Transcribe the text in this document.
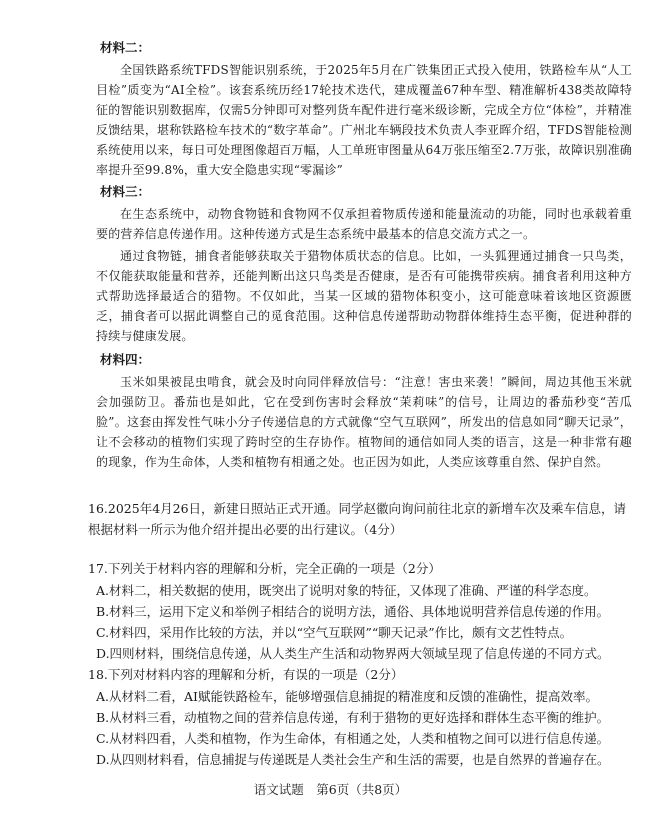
材料二：

全国铁路系统TFDS智能识别系统，于2025年5月在广铁集团正式投入使用，铁路检车从“人工目检”质变为“AI全检”。该套系统历经17轮技术迭代，建成覆盖67种车型、精准解析438类故障特征的智能识别数据库，仅需5分钟即可对整列货车配件进行毫米级诊断，完成全方位“体检”，并精准反馈结果，堪称铁路检车技术的“数字革命”。广州北车辆段技术负责人李亚晖介绍，TFDS智能检测系统使用以来，每日可处理图像超百万幅，人工单班审图量从64万张压缩至2.7万张，故障识别准确率提升至99.8%，重大安全隐患实现“零漏诊”

材料三：

在生态系统中，动物食物链和食物网不仅承担着物质传递和能量流动的功能，同时也承载着重要的营养信息传递作用。这种传递方式是生态系统中最基本的信息交流方式之一。

通过食物链，捕食者能够获取关于猎物体质状态的信息。比如，一头狐狸通过捕食一只鸟类，不仅能获取能量和营养，还能判断出这只鸟类是否健康，是否有可能携带疾病。捕食者利用这种方式帮助选择最适合的猎物。不仅如此，当某一区域的猎物体积变小，这可能意味着该地区资源匮乏，捕食者可以据此调整自己的觅食范围。这种信息传递帮助动物群体维持生态平衡，促进种群的持续与健康发展。

材料四：

玉米如果被昆虫啃食，就会及时向同伴释放信号：“注意！害虫来袭！”瞬间，周边其他玉米就会加强防卫。番茄也是如此，它在受到伤害时会释放“茉莉味”的信号，让周边的番茄秒变“苦瓜脸”。这套由挥发性气味小分子传递信息的方式就像“空气互联网”，所发出的信息如同“聊天记录”，让不会移动的植物们实现了跨时空的生存协作。植物间的通信如同人类的语言，这是一种非常有趣的现象，作为生命体，人类和植物有相通之处。也正因为如此，人类应该尊重自然、保护自然。

16.2025年4月26日，新建日照站正式开通。同学赵徽向询问前往北京的新增车次及乘车信息，请根据材料一所示为他介绍并提出必要的出行建议。（4分）

17.下列关于材料内容的理解和分析，完全正确的一项是（2分）

A.材料二，相关数据的使用，既突出了说明对象的特征，又体现了准确、严谨的科学态度。

B.材料三，运用下定义和举例子相结合的说明方法，通俗、具体地说明营养信息传递的作用。

C.材料四，采用作比较的方法，并以“空气互联网”“聊天记录”作比，颇有文艺性特点。

D.四则材料，围绕信息传递，从人类生产生活和动物界两大领域呈现了信息传递的不同方式。

18.下列对材料内容的理解和分析，有误的一项是（2分）

A.从材料二看，AI赋能铁路检车，能够增强信息捕捉的精准度和反馈的准确性，提高效率。

B.从材料三看，动植物之间的营养信息传递，有利于猎物的更好选择和群体生态平衡的维护。

C.从材料四看，人类和植物，作为生命体，有相通之处，人类和植物之间可以进行信息传递。

D.从四则材料看，信息捕捉与传递既是人类社会生产和生活的需要，也是自然界的普遍存在。

语文试题　第6页（共8页）
